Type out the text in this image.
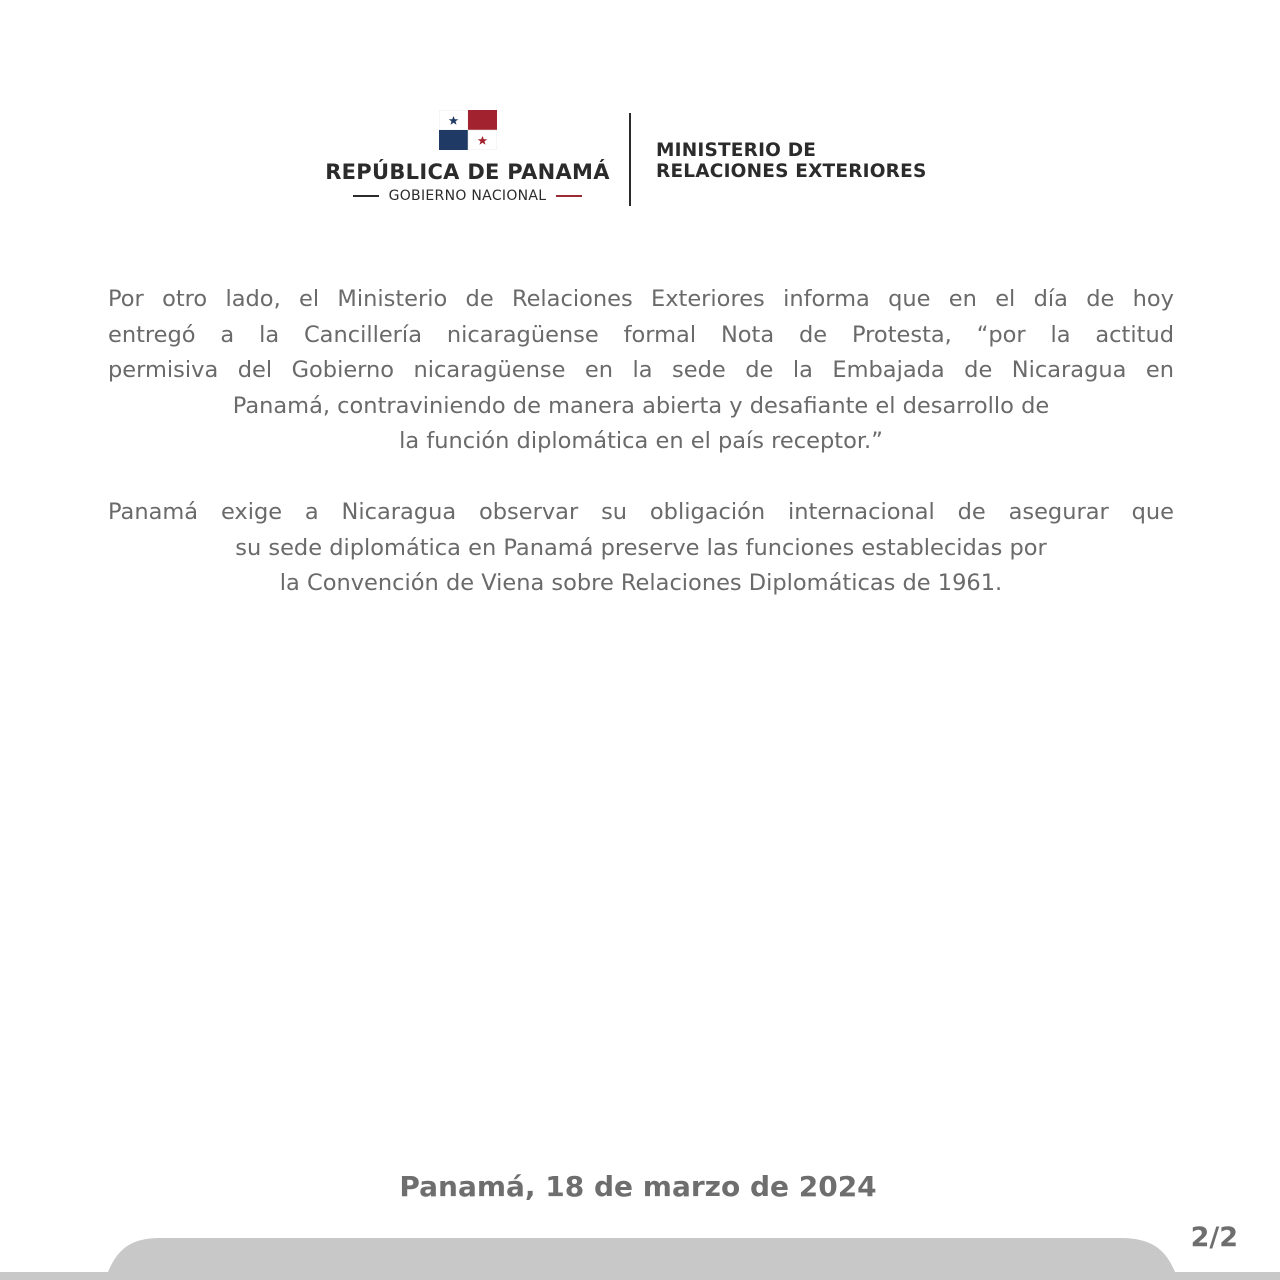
REPÚBLICA DE PANAMÁ
GOBIERNO NACIONAL
MINISTERIO DE
RELACIONES EXTERIORES
Por otro lado, el Ministerio de Relaciones Exteriores informa que en el día de hoy
entregó a la Cancillería nicaragüense formal Nota de Protesta, “por la actitud
permisiva del Gobierno nicaragüense en la sede de la Embajada de Nicaragua en
Panamá, contraviniendo de manera abierta y desafiante el desarrollo de
la función diplomática en el país receptor.”
Panamá exige a Nicaragua observar su obligación internacional de asegurar que
su sede diplomática en Panamá preserve las funciones establecidas por
la Convención de Viena sobre Relaciones Diplomáticas de 1961.
Panamá, 18 de marzo de 2024
2/2
